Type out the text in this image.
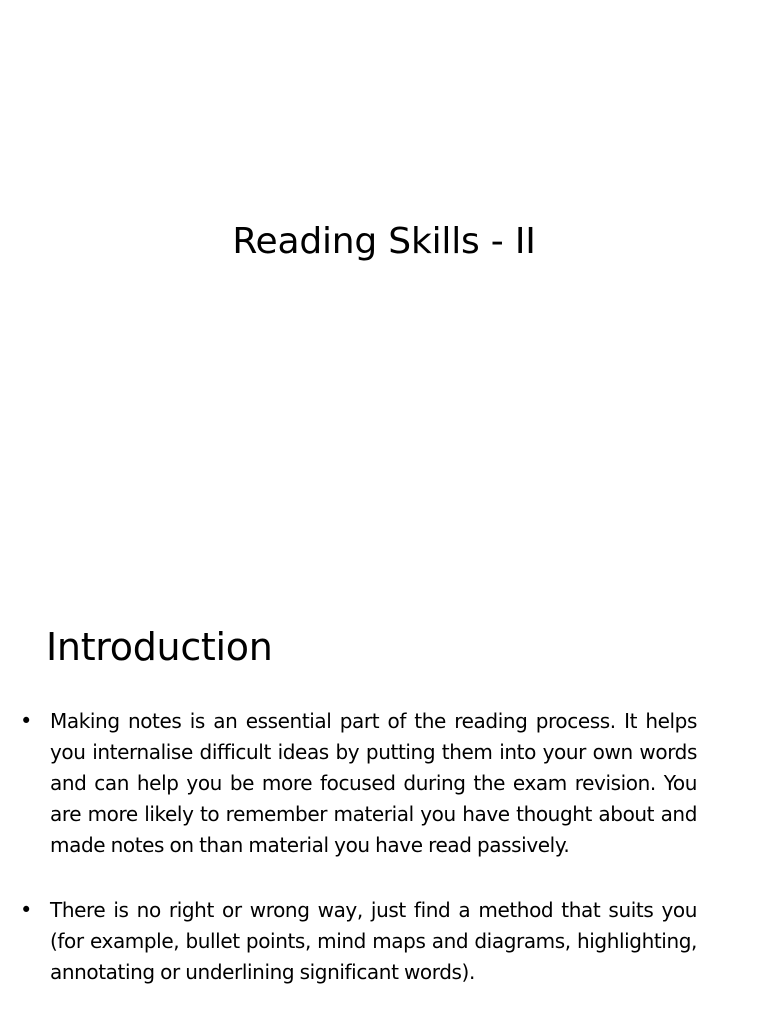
Reading Skills - II
Introduction
• Making notes is an essential part of the reading process. It helps you internalise difficult ideas by putting them into your own words and can help you be more focused during the exam revision. You are more likely to remember material you have thought about and made notes on than material you have read passively.
• There is no right or wrong way, just find a method that suits you (for example, bullet points, mind maps and diagrams, highlighting, annotating or underlining significant words).
